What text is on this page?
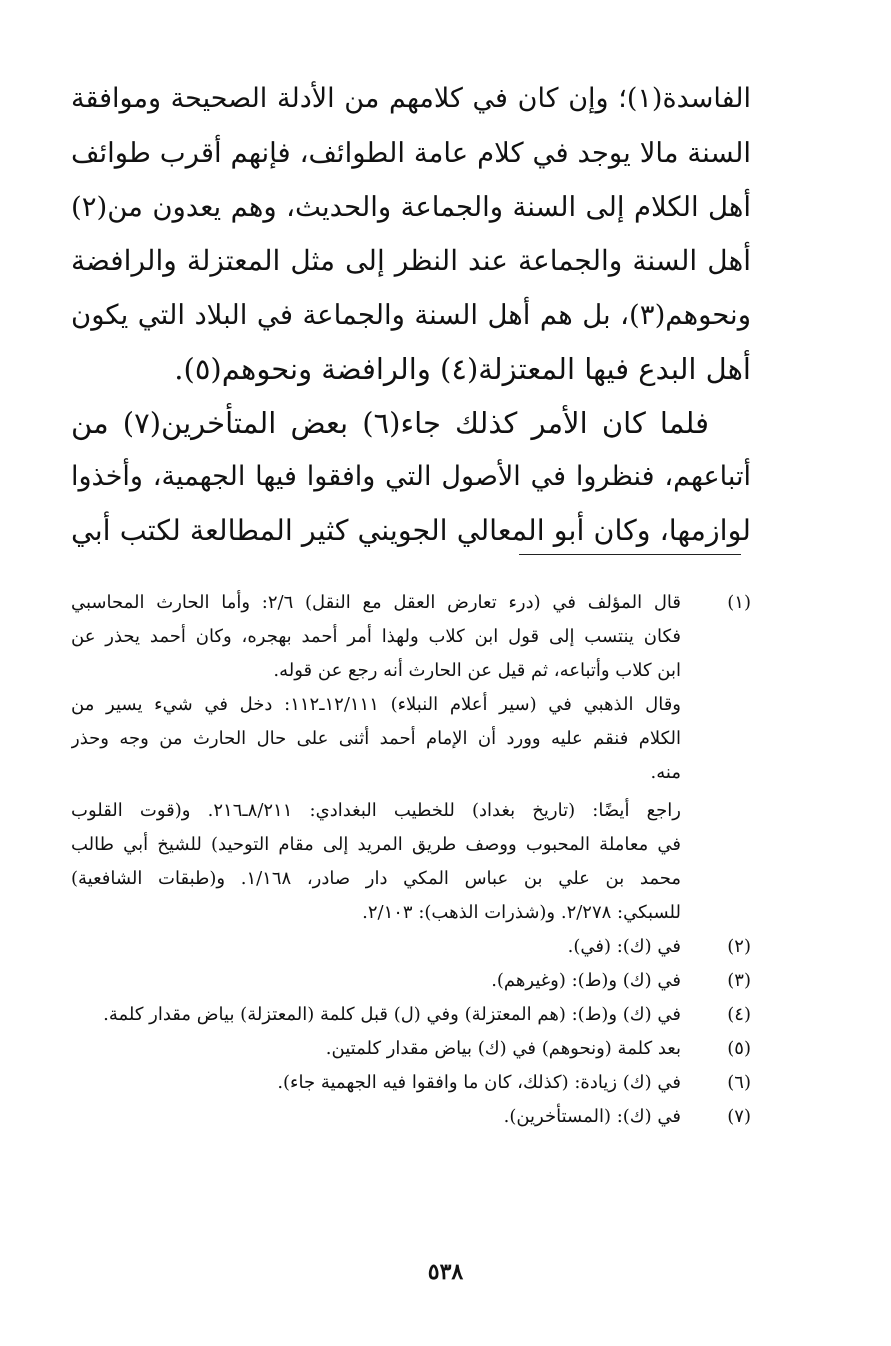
الفاسدة(١)؛ وإن كان في كلامهم من الأدلة الصحيحة وموافقة
السنة مالا يوجد في كلام عامة الطوائف، فإنهم أقرب طوائف
أهل الكلام إلى السنة والجماعة والحديث، وهم يعدون من(٢)
أهل السنة والجماعة عند النظر إلى مثل المعتزلة والرافضة
ونحوهم(٣)، بل هم أهل السنة والجماعة في البلاد التي يكون
أهل البدع فيها المعتزلة(٤) والرافضة ونحوهم(٥).
فلما كان الأمر كذلك جاء(٦) بعض المتأخرين(٧) من
أتباعهم، فنظروا في الأصول التي وافقوا فيها الجهمية، وأخذوا
لوازمها، وكان أبو المعالي الجويني كثير المطالعة لكتب أبي
(١)
قال المؤلف في (درء تعارض العقل مع النقل) ٢/٦: وأما الحارث المحاسبي
فكان ينتسب إلى قول ابن كلاب ولهذا أمر أحمد بهجره، وكان أحمد يحذر عن
ابن كلاب وأتباعه، ثم قيل عن الحارث أنه رجع عن قوله.
وقال الذهبي في (سير أعلام النبلاء) ١٢/١١١ـ١١٢: دخل في شيء يسير من
الكلام فنقم عليه وورد أن الإمام أحمد أثنى على حال الحارث من وجه وحذر
منه.
راجع أيضًا: (تاريخ بغداد) للخطيب البغدادي: ٨/٢١١ـ٢١٦. و(قوت القلوب
في معاملة المحبوب ووصف طريق المريد إلى مقام التوحيد) للشيخ أبي طالب
محمد بن علي بن عباس المكي دار صادر، ١/١٦٨. و(طبقات الشافعية)
للسبكي: ٢/٢٧٨. و(شذرات الذهب): ٢/١٠٣.
(٢)
في (ك): (في).
(٣)
في (ك) و(ط): (وغيرهم).
(٤)
في (ك) و(ط): (هم المعتزلة) وفي (ل) قبل كلمة (المعتزلة) بياض مقدار كلمة.
(٥)
بعد كلمة (ونحوهم) في (ك) بياض مقدار كلمتين.
(٦)
في (ك) زيادة: (كذلك، كان ما وافقوا فيه الجهمية جاء).
(٧)
في (ك): (المستأخرين).
٥٣٨
